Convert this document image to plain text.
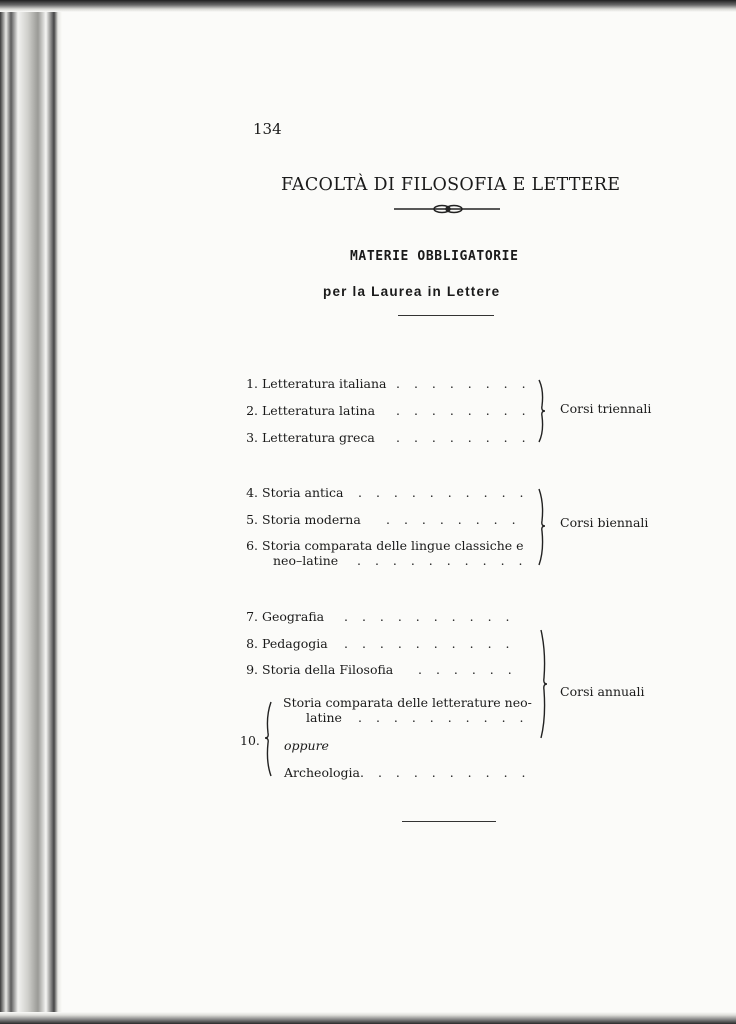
134
FACOLTÀ DI FILOSOFIA E LETTERE
MATERIE OBBLIGATORIE
per la Laurea in Lettere
1. Letteratura italiana
2. Letteratura latina
3. Letteratura greca
. . . . . . . .
. . . . . . . .
. . . . . . . .
Corsi triennali
4. Storia antica
5. Storia moderna
6. Storia comparata delle lingue classiche e
neo–latine
. . . . . . . . . .
. . . . . . . .
. . . . . . . . . .
Corsi biennali
7. Geografia
8. Pedagogia
9. Storia della Filosofia
. . . . . . . . . .
. . . . . . . . . .
. . . . . .
10.
Storia comparata delle letterature neo-
latine . . . . . . . . . .
oppure
Archeologia . . . . . . . . . .
Corsi annuali
